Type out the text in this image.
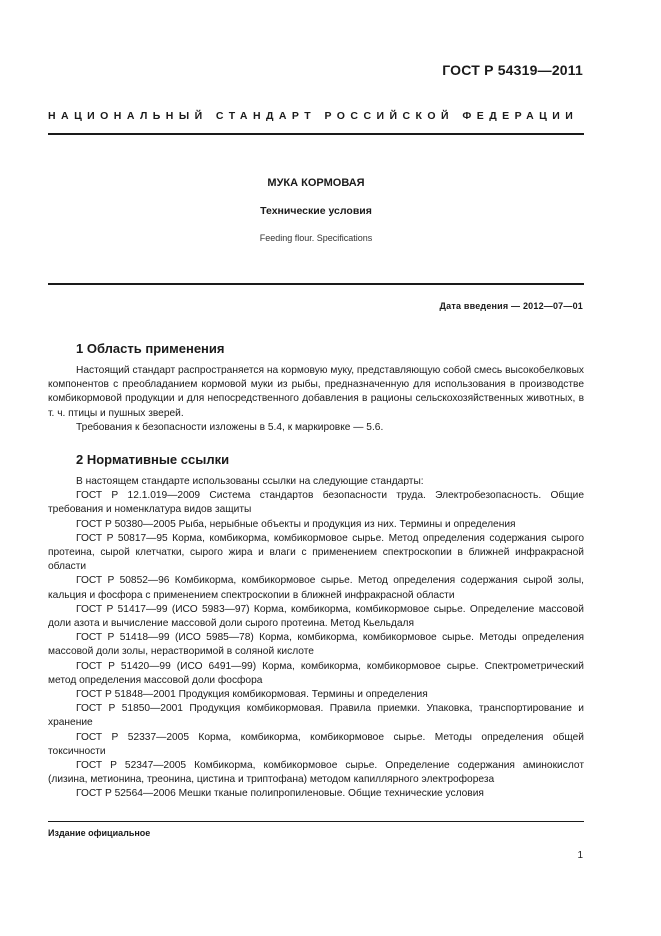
ГОСТ Р 54319—2011
НАЦИОНАЛЬНЫЙ СТАНДАРТ РОССИЙСКОЙ ФЕДЕРАЦИИ
МУКА КОРМОВАЯ
Технические условия
Feeding flour. Specifications
Дата введения — 2012—07—01
1 Область применения

Настоящий стандарт распространяется на кормовую муку, представляющую собой смесь высокобелковых компонентов с преобладанием кормовой муки из рыбы, предназначенную для использования в производстве комбикормовой продукции и для непосредственного добавления в рационы сельскохозяйственных животных, в т. ч. птицы и пушных зверей.

Требования к безопасности изложены в 5.4, к маркировке — 5.6.

2 Нормативные ссылки

В настоящем стандарте использованы ссылки на следующие стандарты:

ГОСТ Р 12.1.019—2009 Система стандартов безопасности труда. Электробезопасность. Общие требования и номенклатура видов защиты

ГОСТ Р 50380—2005 Рыба, нерыбные объекты и продукция из них. Термины и определения

ГОСТ Р 50817—95 Корма, комбикорма, комбикормовое сырье. Метод определения содержания сырого протеина, сырой клетчатки, сырого жира и влаги с применением спектроскопии в ближней инфракрасной области

ГОСТ Р 50852—96 Комбикорма, комбикормовое сырье. Метод определения содержания сырой золы, кальция и фосфора с применением спектроскопии в ближней инфракрасной области

ГОСТ Р 51417—99 (ИСО 5983—97) Корма, комбикорма, комбикормовое сырье. Определение массовой доли азота и вычисление массовой доли сырого протеина. Метод Кьельдаля

ГОСТ Р 51418—99 (ИСО 5985—78) Корма, комбикорма, комбикормовое сырье. Методы определения массовой доли золы, нерастворимой в соляной кислоте

ГОСТ Р 51420—99 (ИСО 6491—99) Корма, комбикорма, комбикормовое сырье. Спектрометрический метод определения массовой доли фосфора

ГОСТ Р 51848—2001 Продукция комбикормовая. Термины и определения

ГОСТ Р 51850—2001 Продукция комбикормовая. Правила приемки. Упаковка, транспортирование и хранение

ГОСТ Р 52337—2005 Корма, комбикорма, комбикормовое сырье. Методы определения общей токсичности

ГОСТ Р 52347—2005 Комбикорма, комбикормовое сырье. Определение содержания аминокислот (лизина, метионина, треонина, цистина и триптофана) методом капиллярного электрофореза

ГОСТ Р 52564—2006 Мешки тканые полипропиленовые. Общие технические условия

Издание официальное
1
